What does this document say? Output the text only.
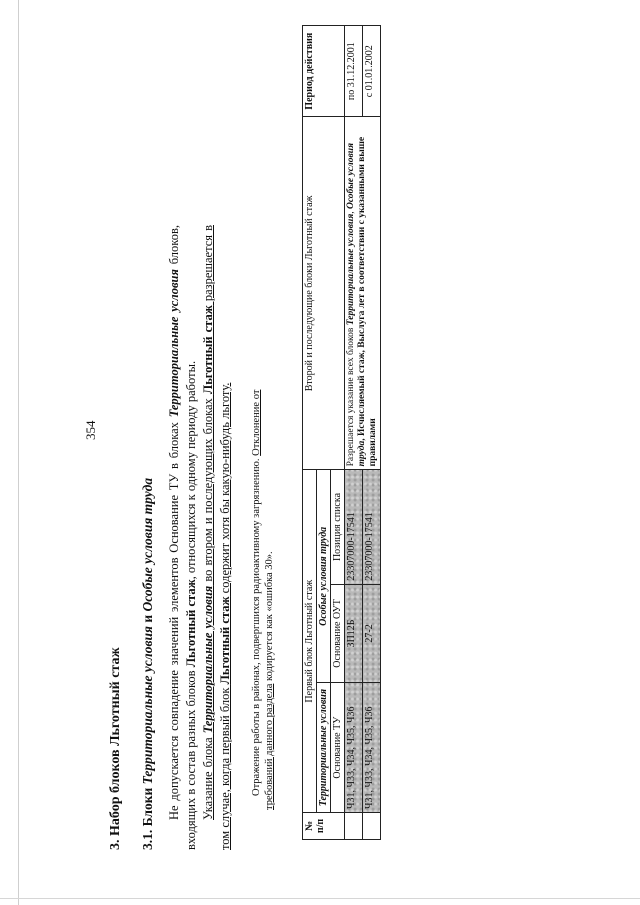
354
3. Набор блоков Льготный стаж 3.1. Блоки Территориальные условия и Особые условия труда Не допускается совпадение значений элементов Основание ТУ в блоках Территориальные условия блоков, входящих в состав разных блоков Льготный стаж, относящихся к одному периоду работы.
Указание блока Территориальные условия во втором и последующих блоках Льготный стаж разрешается в том случае, когда первый блок Льготный стаж содержит хотя бы какую-нибудь льготу. Отражение работы в районах, подвергшихся радиоактивному загрязнению. Отклонение от требований данного раздела кодируется как «ошибка 30».
№ п/п	Первый блок Льготный стаж			Второй и последующие блоки Льготный стаж	Период действия
	Территориальные условия	Особые условия труда			
	Основание ТУ	Основание ОУТ	Позиция списка		
	Ч31, Ч33, Ч34, Ч35, Ч36	ЗП12Б	23307000-17541	Разрешается указание всех блоков Территориальные условия, Особые условия труда, Исчисляемый стаж, Выслуга лет в соответствии с указанными выше правилами	по 31.12.2001
	Ч31, Ч33, Ч34, Ч35, Ч36	27-2	23307000-17541		с 01.01.2002
